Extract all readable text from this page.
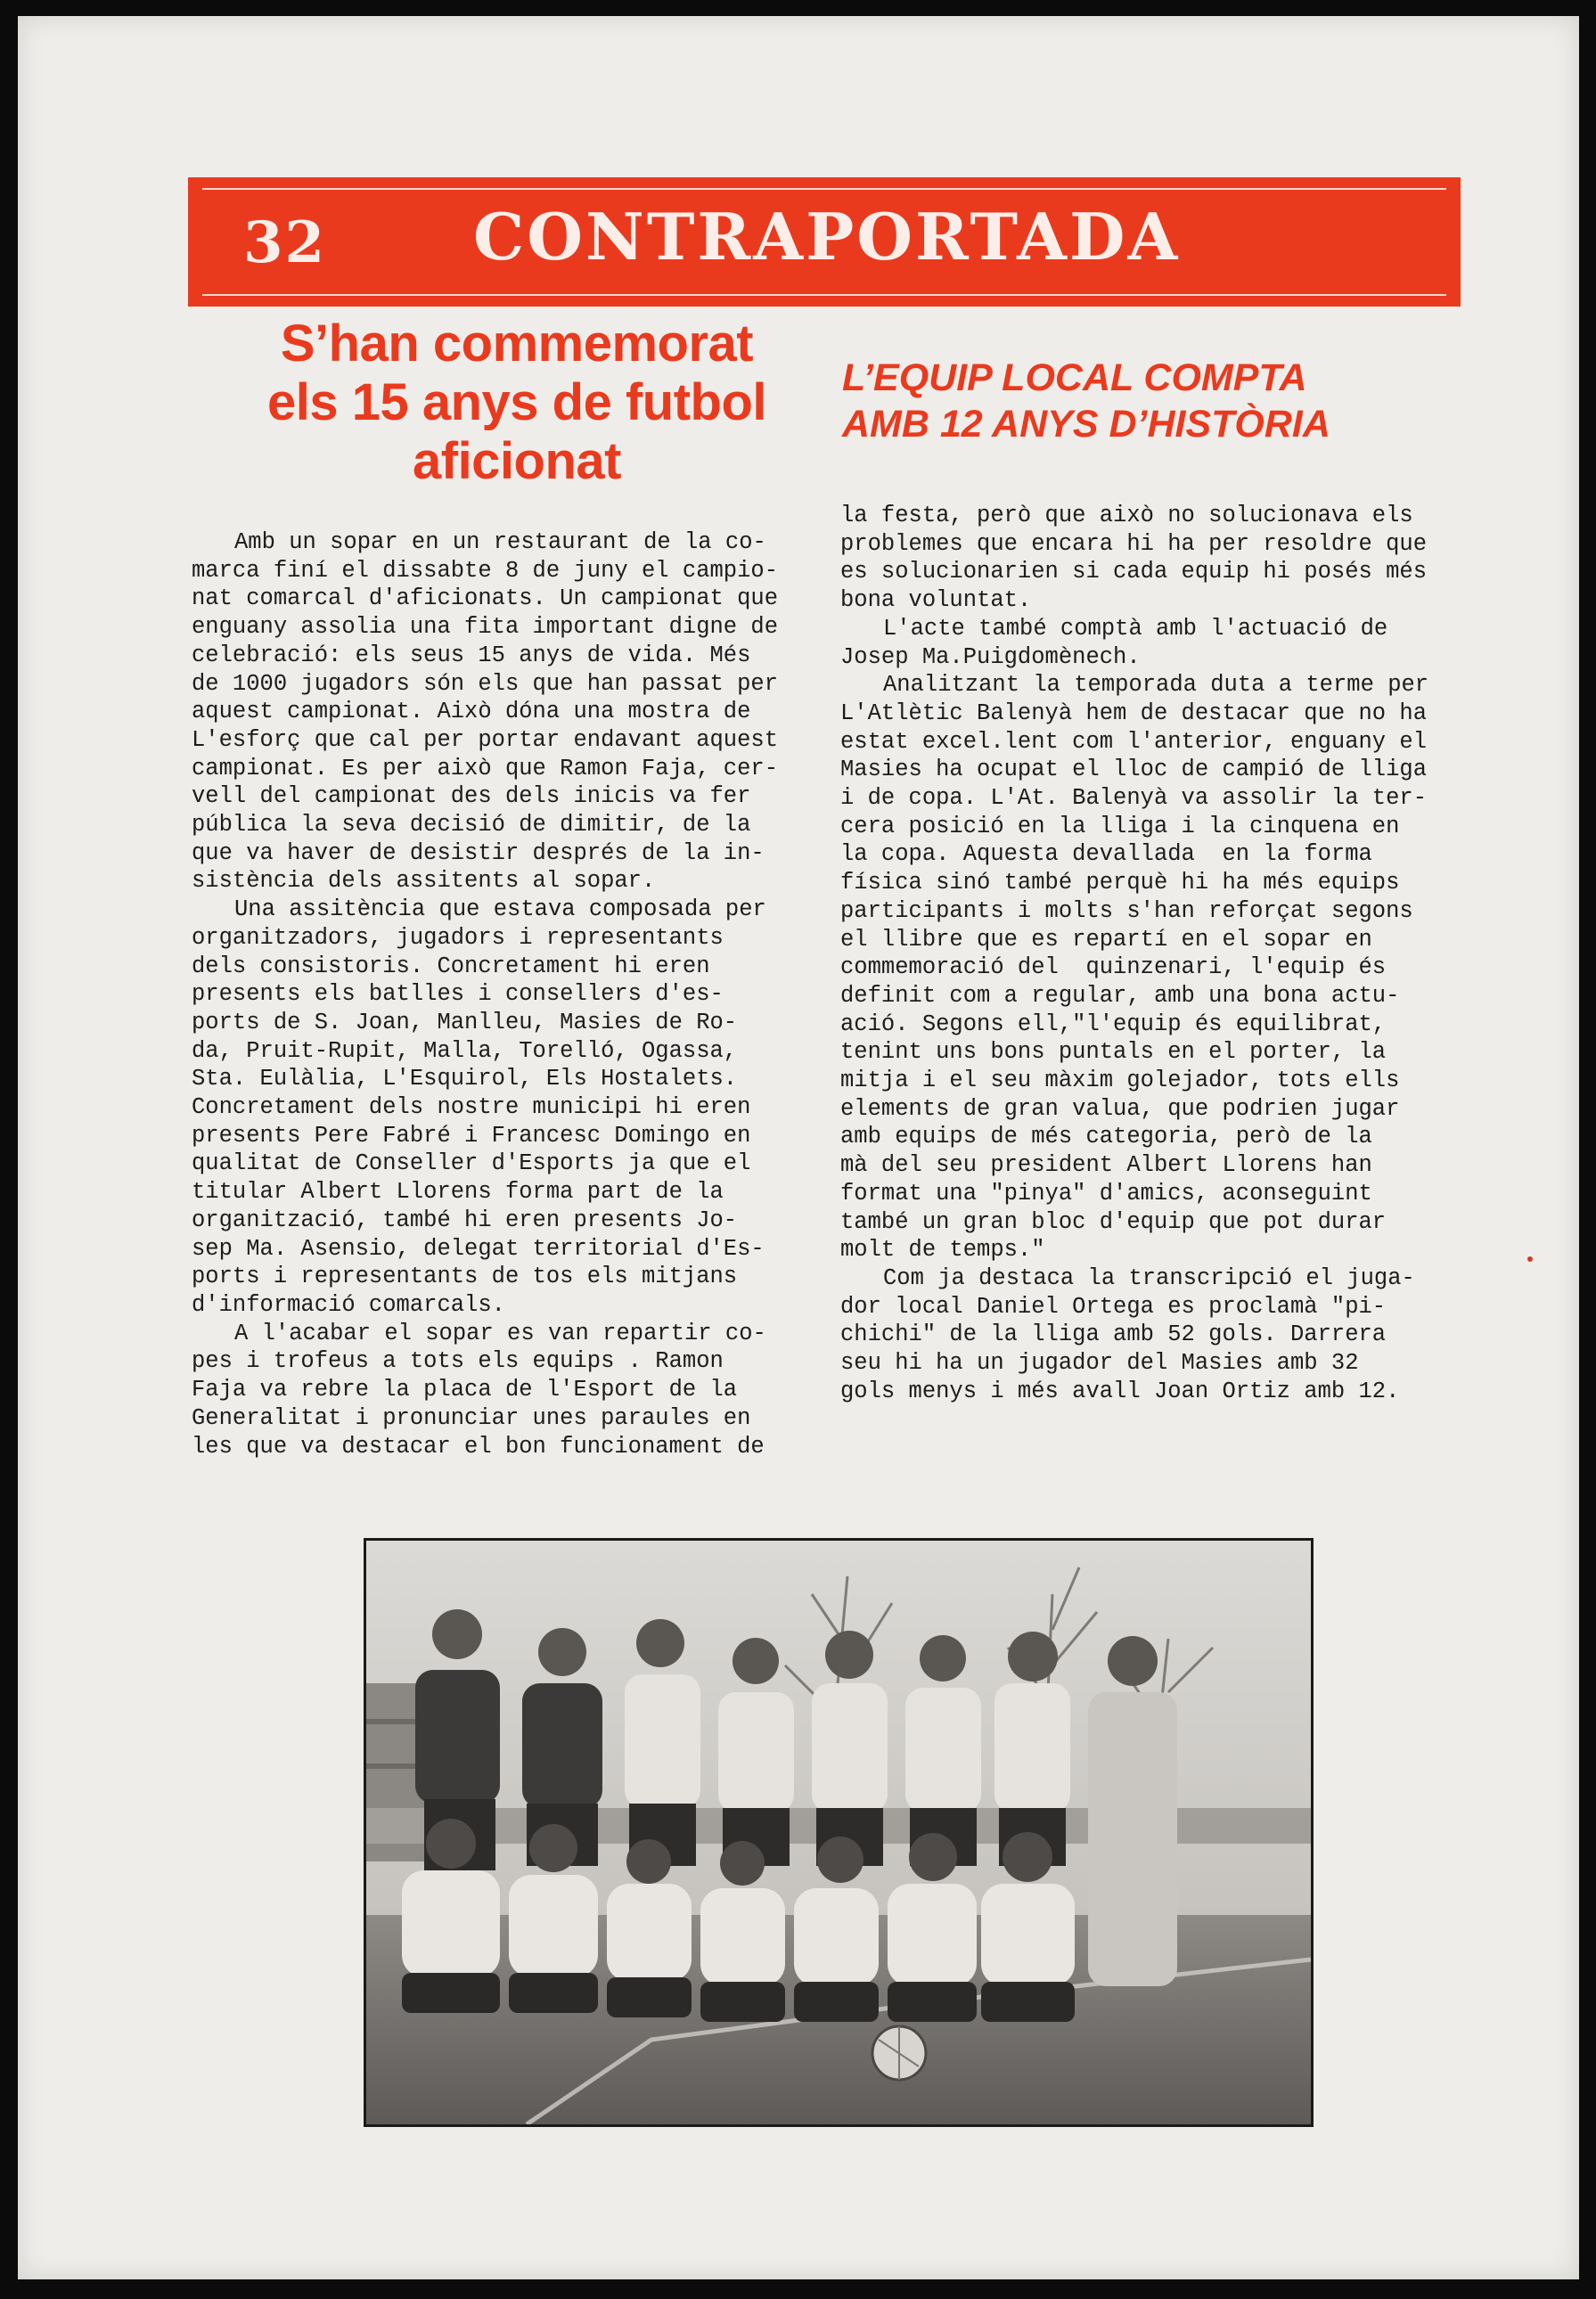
32 CONTRAPORTADA
S’han commemorat
els 15 anys de futbol
aficionat
L’EQUIP LOCAL COMPTA
AMB 12 ANYS D’HISTÒRIA

Amb un sopar en un restaurant de la co-
marca finí el dissabte 8 de juny el campio-
nat comarcal d'aficionats. Un campionat que
enguany assolia una fita important digne de
celebració: els seus 15 anys de vida. Més
de 1000 jugadors són els que han passat per
aquest campionat. Això dóna una mostra de
L'esforç que cal per portar endavant aquest
campionat. Es per això que Ramon Faja, cer-
vell del campionat des dels inicis va fer
pública la seva decisió de dimitir, de la
que va haver de desistir després de la in-
sistència dels assitents al sopar.

Una assitència que estava composada per
organitzadors, jugadors i representants
dels consistoris. Concretament hi eren
presents els batlles i consellers d'es-
ports de S. Joan, Manlleu, Masies de Ro-
da, Pruit-Rupit, Malla, Torelló, Ogassa,
Sta. Eulàlia, L'Esquirol, Els Hostalets.
Concretament dels nostre municipi hi eren
presents Pere Fabré i Francesc Domingo en
qualitat de Conseller d'Esports ja que el
titular Albert Llorens forma part de la
organització, també hi eren presents Jo-
sep Ma. Asensio, delegat territorial d'Es-
ports i representants de tos els mitjans
d'informació comarcals.

A l'acabar el sopar es van repartir co-
pes i trofeus a tots els equips . Ramon
Faja va rebre la placa de l'Esport de la
Generalitat i pronunciar unes paraules en
les que va destacar el bon funcionament de

la festa, però que això no solucionava els
problemes que encara hi ha per resoldre que
es solucionarien si cada equip hi posés més
bona voluntat.

L'acte també comptà amb l'actuació de
Josep Ma.Puigdomènech.

Analitzant la temporada duta a terme per
L'Atlètic Balenyà hem de destacar que no ha
estat excel.lent com l'anterior, enguany el
Masies ha ocupat el lloc de campió de lliga
i de copa. L'At. Balenyà va assolir la ter-
cera posició en la lliga i la cinquena en
la copa. Aquesta devallada  en la forma
física sinó també perquè hi ha més equips
participants i molts s'han reforçat segons
el llibre que es repartí en el sopar en
commemoració del  quinzenari, l'equip és
definit com a regular, amb una bona actu-
ació. Segons ell,"l'equip és equilibrat,
tenint uns bons puntals en el porter, la
mitja i el seu màxim golejador, tots ells
elements de gran valua, que podrien jugar
amb equips de més categoria, però de la
mà del seu president Albert Llorens han
format una "pinya" d'amics, aconseguint
també un gran bloc d'equip que pot durar
molt de temps."

Com ja destaca la transcripció el juga-
dor local Daniel Ortega es proclamà "pi-
chichi" de la lliga amb 52 gols. Darrera
seu hi ha un jugador del Masies amb 32
gols menys i més avall Joan Ortiz amb 12.
